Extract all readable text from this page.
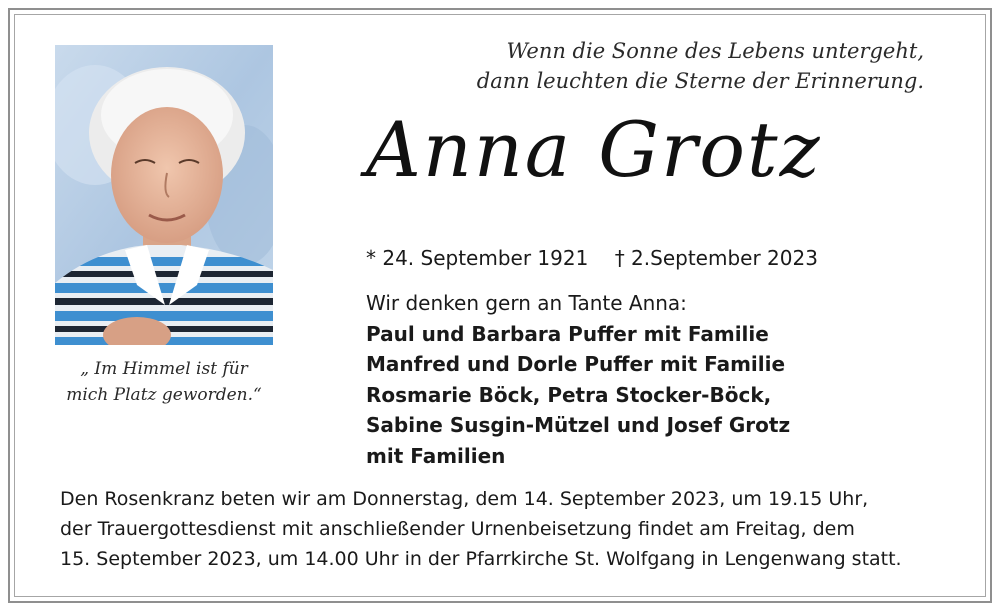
Wenn die Sonne des Lebens untergeht,
dann leuchten die Sterne der Erinnerung.
Anna Grotz
* 24. September 1921 † 2.September 2023
Wir denken gern an Tante Anna:
Paul und Barbara Puffer mit Familie
Manfred und Dorle Puffer mit Familie
Rosmarie Böck, Petra Stocker-Böck,
Sabine Susgin-Mützel und Josef Grotz
mit Familien
„ Im Himmel ist für
mich Platz geworden.“
Den Rosenkranz beten wir am Donnerstag, dem 14. September 2023, um 19.15 Uhr,
der Trauergottesdienst mit anschließender Urnenbeisetzung findet am Freitag, dem
15. September 2023, um 14.00 Uhr in der Pfarrkirche St. Wolfgang in Lengenwang statt.
